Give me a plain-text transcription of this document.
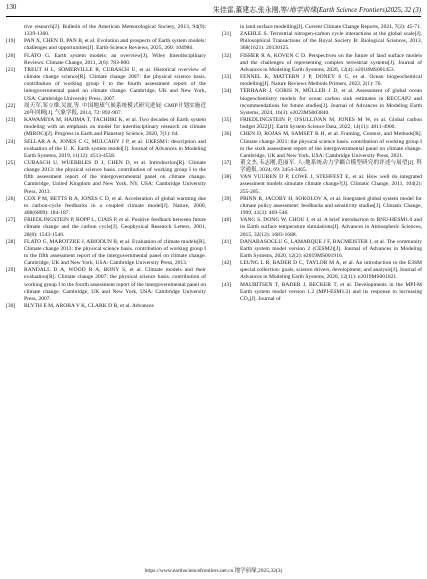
130	朱佳雷,董建志,张永刚,等/地学前缘(Earth Science Frontiers)2025, 32 (3)
tive research[J]. Bulletin of the American Meteorological Society, 2013, 94(9): 1339-1360.
[19] PAN X, CHEN D, PAN B, et al. Evolution and prospects of Earth system models: challenges and opportunities[J]. Earth-Science Reviews, 2025, 260: 104986.
[20] FLATO G. Earth system models: an overview[J]. Wiley Interdisciplinary Reviews: Climate Change, 2011, 2(6): 783-800.
[21] TREUT H L, SOMERVILLE R, CUBASCH U, et al. Historical overview of climate change science[R]. Climate change 2007: the physical science basis. contribution of working group I to the fourth assessment report of the intergovernmental panel on climate change. Cambridge, UK and New York, USA: Cambridge University Press, 2007.
[22] 周天军,邹立维,吴波,等. 中国地球气候系统模式研究进展: CMIP计划实施近20年回顾[J]. 气象学报, 2014, 72: 892-907.
[23] KAWAMIYA M, HAJIMA T, TACHIIRI K, et al. Two decades of Earth system modeling with an emphasis on model for interdisciplinary research on climate (MIROC)[J]. Progress in Earth and Planetary Science, 2020, 7(1): 64.
[24] SELLAR A A, JONES C G, MULCAHY J P, et al. UKESM1: description and evaluation of the U. K. Earth system model[J]. Journal of Advances in Modeling Earth Systems, 2019, 11(12): 4513-4558.
[25] CUBASCH U, WUEBBLES D J, CHEN D, et al. Introduction[R]. Climate change 2013: the physical science basis. contribution of working group I to the fifth assessment report of the intergovernmental panel on climate change. Cambridge, United Kingdom and New York, NY, USA: Cambridge University Press, 2013.
[26] COX P M, BETTS R A, JONES C D, et al. Acceleration of global warming due to carbon-cycle feedbacks in a coupled climate model[J]. Nature, 2000, 408(6809): 184-187.
[27] FRIEDLINGSTEIN P, BOPP L, CIAIS P, et al. Positive feedback between future climate change and the carbon cycle[J]. Geophysical Research Letters, 2001, 28(8): 1543-1546.
[28] FLATO G, MAROTZKE J, ABIODUN B, et al. Evaluation of climate models[R]. Climate change 2013: the physical science basis. contribution of working group I to the fifth assessment report of the intergovernmental panel on climate change. Cambridge, UK and New York, USA: Cambridge University Press, 2013.
[29] RANDALL D A, WOOD R A, BONY S, et al. Climate models and their evaluation[R]. Climate change 2007: the physical science basis. contribution of working group I to the fourth assessment report of the intergovernmental panel on climate change. Cambridge, UK and New York, USA: Cambridge University Press, 2007.
[30] BLYTH E M, ARORA V K, CLARK D B, et al. Advances
in land surface modelling[J]. Current Climate Change Reports, 2021, 7(2): 45-71.
[31] ZAEHLE S. Terrestrial nitrogen-carbon cycle interactions at the global scale[J]. Philosophical Transactions of the Royal Society B: Biological Sciences, 2013, 368(1621): 20130125.
[32] FISHER R A, KOVEN C D. Perspectives on the future of land surface models and the challenges of representing complex terrestrial systems[J]. Journal of Advances in Modeling Earth Systems, 2020, 12(4): e2018MS001453.
[33] FENNEL K, MATTERN J P, DONEY S C, et al. Ocean biogeochemical modelling[J]. Nature Reviews Methods Primers, 2022, 2(1): 76.
[34] TERHAAR J, GORIS N, MÜLLER J D, et al. Assessment of global ocean biogeochemistry models for ocean carbon sink estimates in RECCAP2 and recommendations for future studies[J]. Journal of Advances in Modeling Earth Systems, 2024, 16(3): e2023MS003840.
[35] FRIEDLINGSTEIN P, O'SULLIVAN M, JONES M W, et al. Global carbon budget 2022[J]. Earth System Science Data, 2022, 14(11): 4811-4900.
[36] CHEN D, ROJAS M, SAMSET B H, et al. Framing, Context, and Methods[R]. Climate change 2021: the physical science basis. contribution of working group I to the sixth assessment report of the intergovernmental panel on climate change. Cambridge, UK and New York, USA: Cambridge University Press, 2021.
[37] 董文杰,韦志刚,范丽军. 人-地系统动力学耦合模型研究的评述与展望[J]. 科学通报, 2024, 69: 3454-3465.
[38] VAN VUUREN D P, LOWE J, STEHFEST E, et al. How well do integrated assessment models simulate climate change?[J]. Climatic Change, 2011, 104(2): 255-285.
[39] PRINN R, JACOBY H, SOKOLOV A, et al. Integrated global system model for climate policy assessment: feedbacks and sensitivity studies[J]. Climatic Change, 1999, 41(3): 469-546.
[40] YANG S, DONG W, CHOU J, et al. A brief introduction to BNU-HESM1.0 and its Earth surface temperature simulations[J]. Advances in Atmospheric Sciences, 2015, 32(12): 1683-1688.
[41] DANABASOGLU G, LAMARQUE J F, BACMEISTER J, et al. The community Earth system model version 2 (CESM2)[J]. Journal of Advances in Modeling Earth Systems, 2020, 12(2): e2019MS001916.
[42] LEUNG L R, BADER D C, TAYLOR M A, et al. An introduction to the E3SM special collection: goals, science drivers, development, and analysis[J]. Journal of Advances in Modeling Earth Systems, 2020, 12(11): e2019MS001821.
[43] MAURITSEN T, BADER J, BECKER T, et al. Developments in the MPI-M Earth system model version 1.2 (MPI-ESM1.2) and its response to increasing CO₂[J]. Journal of
https://www.earthsciencefrontiers.net.cn 地学前缘,2025,32(3)
